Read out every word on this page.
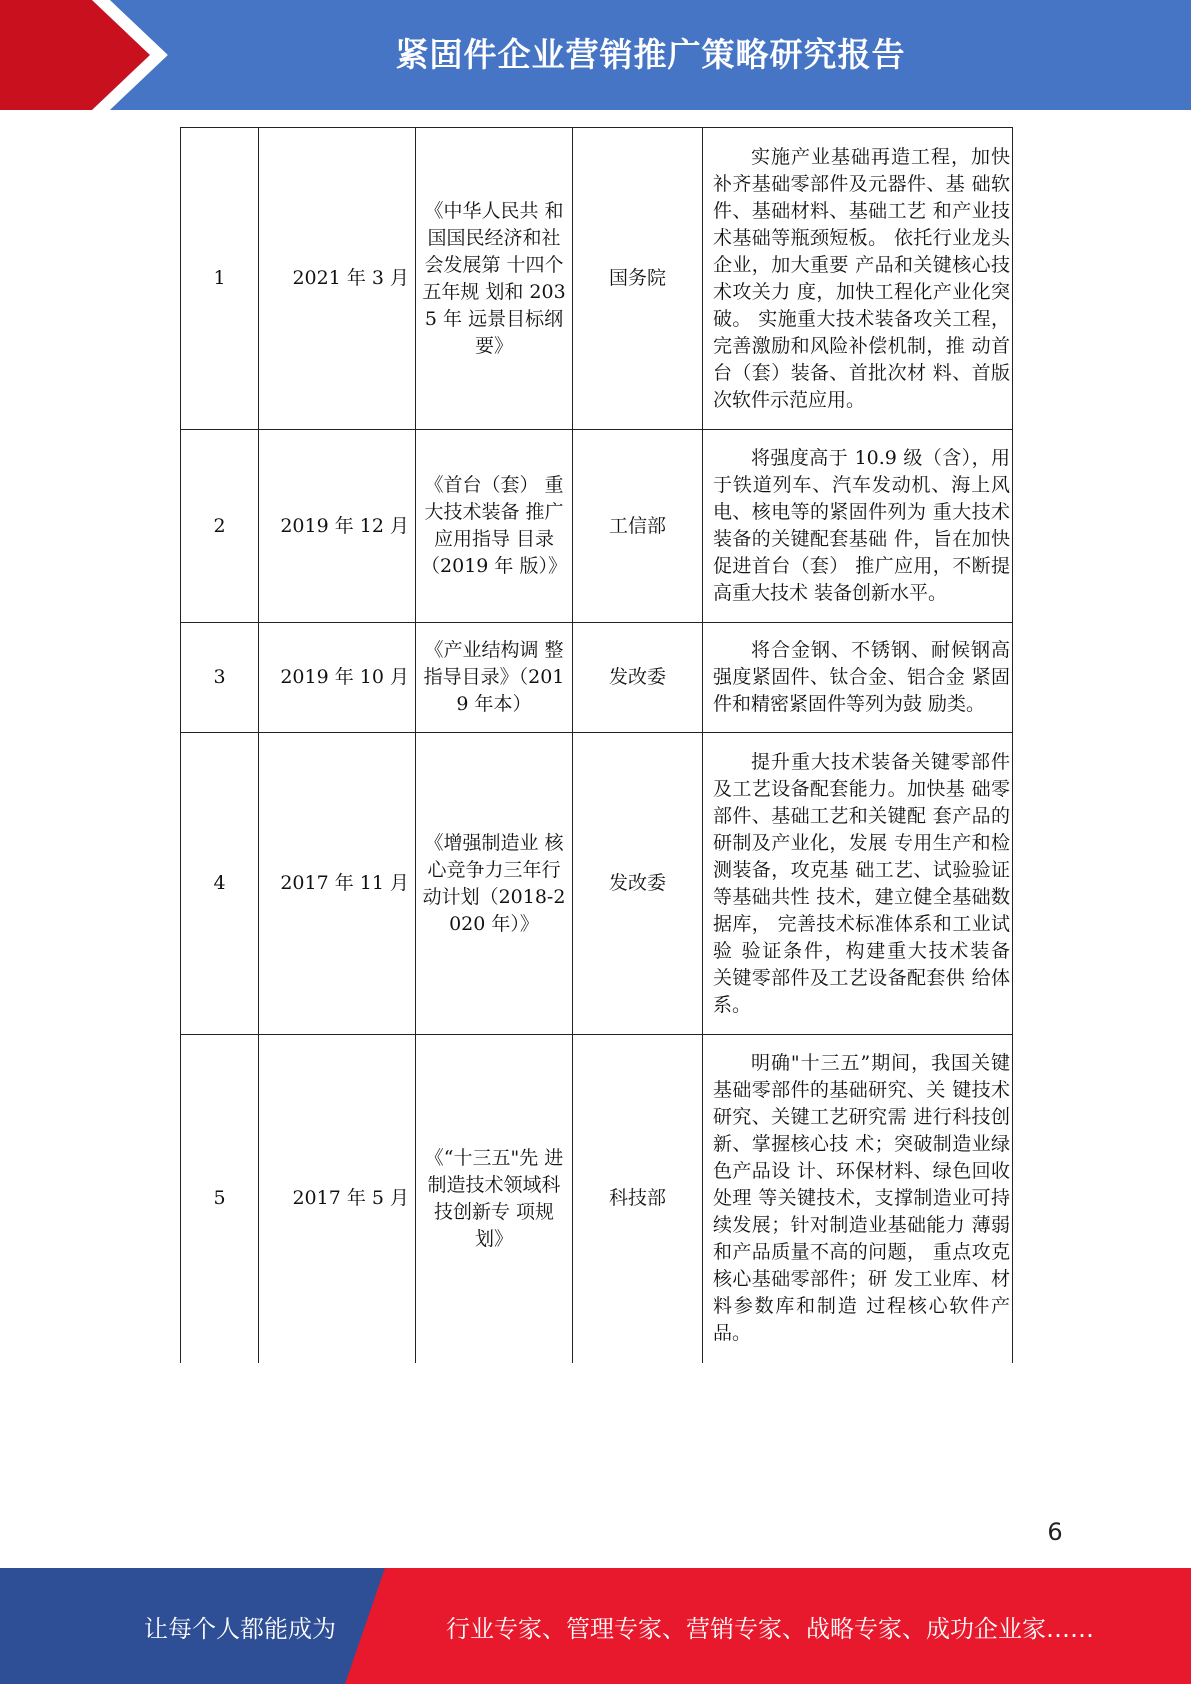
紧固件企业营销推广策略研究报告
1	2021 年 3 月	《中华人民共 和国国民经济和社会发展第 十四个五年规 划和 2035 年 远景目标纲 要》	国务院	实施产业基础再造工程，加快补齐基础零部件及元器件、基 础软件、基础材料、基础工艺 和产业技术基础等瓶颈短板。 依托行业龙头企业，加大重要 产品和关键核心技术攻关力 度，加快工程化产业化突破。 实施重大技术装备攻关工程， 完善激励和风险补偿机制，推 动首台（套）装备、首批次材 料、首版次软件示范应用。
2	2019 年 12 月	《首台（套） 重大技术装备 推广应用指导 目录（2019 年 版）》	工信部	将强度高于 10.9 级（含），用 于铁道列车、汽车发动机、海上风电、核电等的紧固件列为 重大技术装备的关键配套基础 件，旨在加快促进首台（套） 推广应用，不断提高重大技术 装备创新水平。
3	2019 年 10 月	《产业结构调 整指导目录》（2019 年本）	发改委	将合金钢、不锈钢、耐候钢高强度紧固件、钛合金、铝合金 紧固件和精密紧固件等列为鼓 励类。
4	2017 年 11 月	《增强制造业 核心竞争力三年行动计划（2018-2020 年）》	发改委	提升重大技术装备关键零部件及工艺设备配套能力。加快基 础零部件、基础工艺和关键配 套产品的研制及产业化，发展 专用生产和检测装备，攻克基 础工艺、试验验证等基础共性 技术，建立健全基础数据库， 完善技术标准体系和工业试验 验证条件，构建重大技术装备 关键零部件及工艺设备配套供 给体系。
5	2017 年 5 月	《“十三五"先 进制造技术领域科技创新专 项规划》	科技部	明确"十三五”期间，我国关键基础零部件的基础研究、关 键技术研究、关键工艺研究需 进行科技创新、掌握核心技 术；突破制造业绿色产品设 计、环保材料、绿色回收处理 等关键技术，支撑制造业可持 续发展；针对制造业基础能力 薄弱和产品质量不高的问题， 重点攻克核心基础零部件；研 发工业库、材料参数库和制造 过程核心软件产品。
6
让每个人都能成为	行业专家、管理专家、营销专家、战略专家、成功企业家……
